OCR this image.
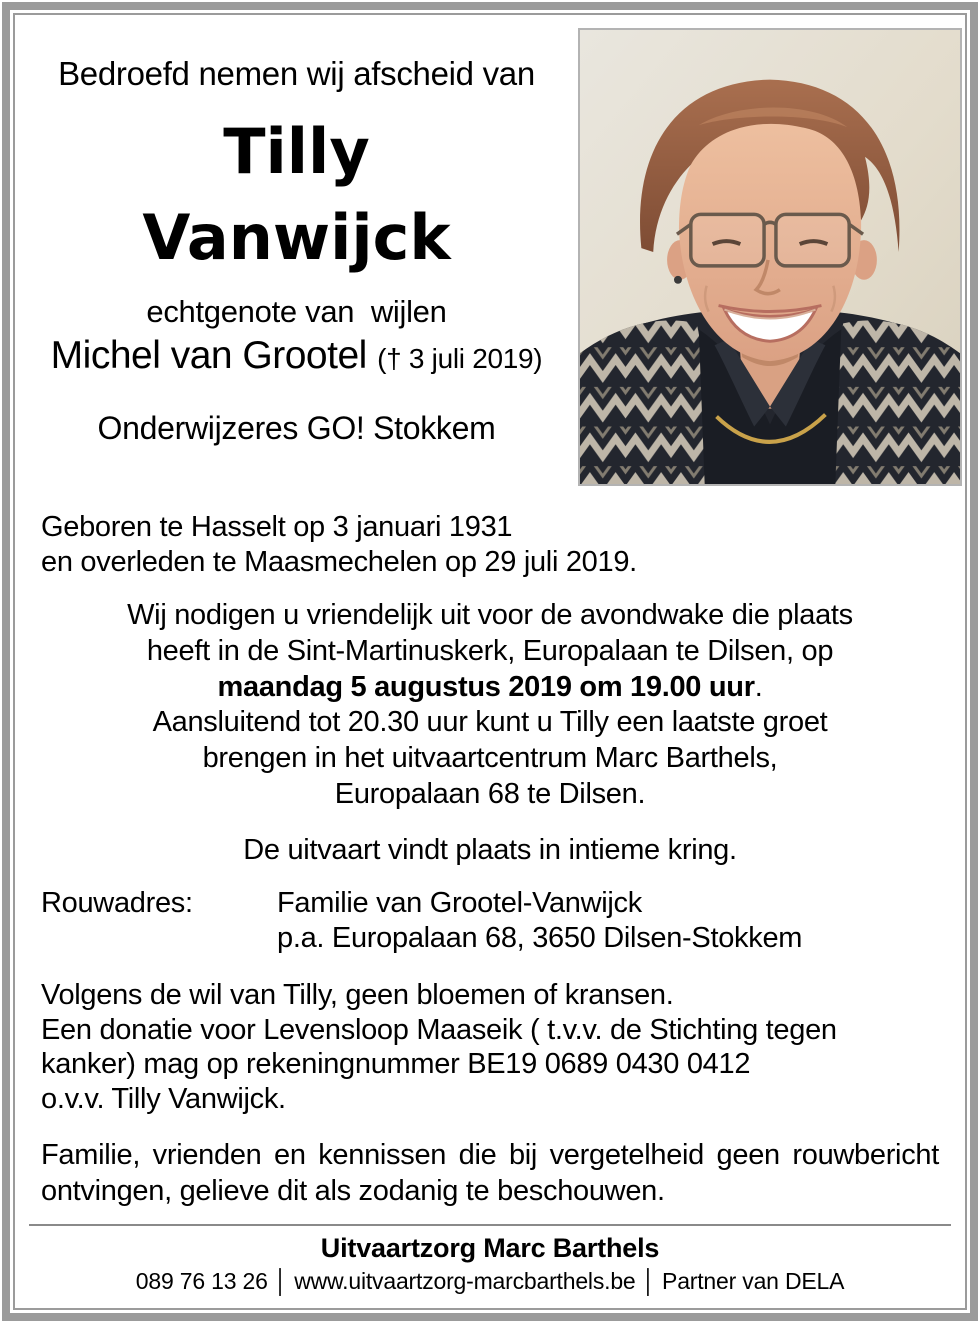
Bedroefd nemen wij afscheid van
Tilly
Vanwijck
echtgenote van  wijlen
Michel van Grootel († 3 juli 2019)
Onderwijzeres GO! Stokkem
Geboren te Hasselt op 3 januari 1931
en overleden te Maasmechelen op 29 juli 2019.
Wij nodigen u vriendelijk uit voor de avondwake die plaats
heeft in de Sint-Martinuskerk, Europalaan te Dilsen, op
maandag 5 augustus 2019 om 19.00 uur.
Aansluitend tot 20.30 uur kunt u Tilly een laatste groet
brengen in het uitvaartcentrum Marc Barthels,
Europalaan 68 te Dilsen.
De uitvaart vindt plaats in intieme kring.
Rouwadres:	Familie van Grootel-Vanwijck
p.a. Europalaan 68, 3650 Dilsen-Stokkem
Volgens de wil van Tilly, geen bloemen of kransen.
Een donatie voor Levensloop Maaseik ( t.v.v. de Stichting tegen
kanker) mag op rekeningnummer BE19 0689 0430 0412
o.v.v. Tilly Vanwijck.
Familie, vrienden en kennissen die bij vergetelheid geen rouwbericht ontvingen, gelieve dit als zodanig te beschouwen.
Uitvaartzorg Marc Barthels
089 76 13 26 │ www.uitvaartzorg-marcbarthels.be │ Partner van DELA
